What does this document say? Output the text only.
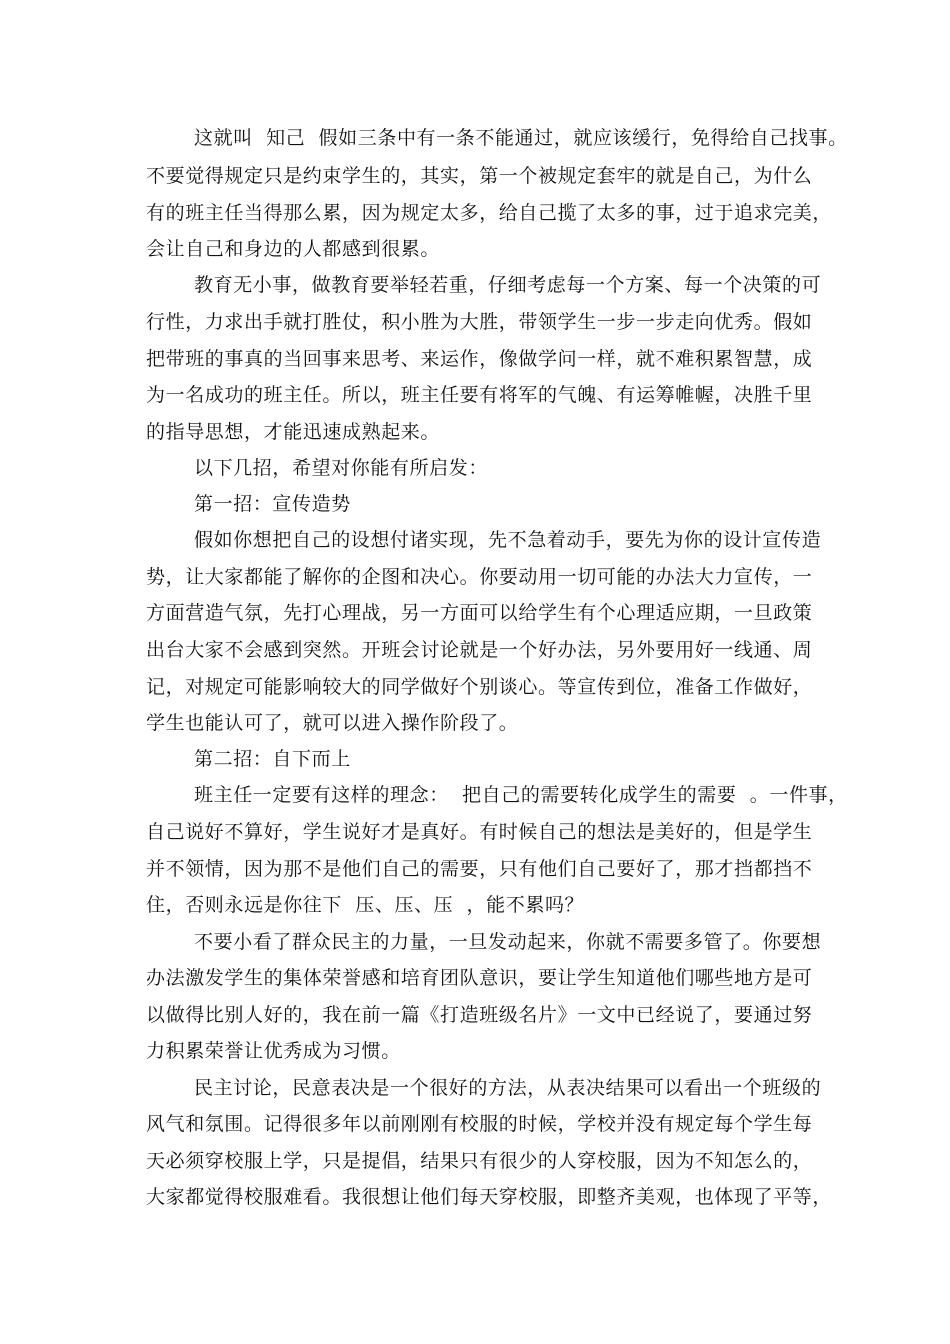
这就叫  知己  假如三条中有一条不能通过，就应该缓行，免得给自己找事。
不要觉得规定只是约束学生的，其实，第一个被规定套牢的就是自己，为什么
有的班主任当得那么累，因为规定太多，给自己揽了太多的事，过于追求完美，
会让自己和身边的人都感到很累。
教育无小事，做教育要举轻若重，仔细考虑每一个方案、每一个决策的可
行性，力求出手就打胜仗，积小胜为大胜，带领学生一步一步走向优秀。假如
把带班的事真的当回事来思考、来运作，像做学问一样，就不难积累智慧，成
为一名成功的班主任。所以，班主任要有将军的气魄、有运筹帷幄，决胜千里
的指导思想，才能迅速成熟起来。
以下几招，希望对你能有所启发：
第一招：宣传造势
假如你想把自己的设想付诸实现，先不急着动手，要先为你的设计宣传造
势，让大家都能了解你的企图和决心。你要动用一切可能的办法大力宣传，一
方面营造气氛，先打心理战，另一方面可以给学生有个心理适应期，一旦政策
出台大家不会感到突然。开班会讨论就是一个好办法，另外要用好一线通、周
记，对规定可能影响较大的同学做好个别谈心。等宣传到位，准备工作做好，
学生也能认可了，就可以进入操作阶段了。
第二招：自下而上
班主任一定要有这样的理念：  把自己的需要转化成学生的需要  。一件事，
自己说好不算好，学生说好才是真好。有时候自己的想法是美好的，但是学生
并不领情，因为那不是他们自己的需要，只有他们自己要好了，那才挡都挡不
住，否则永远是你往下  压、压、压  ，能不累吗？
不要小看了群众民主的力量，一旦发动起来，你就不需要多管了。你要想
办法激发学生的集体荣誉感和培育团队意识，要让学生知道他们哪些地方是可
以做得比别人好的，我在前一篇《打造班级名片》一文中已经说了，要通过努
力积累荣誉让优秀成为习惯。
民主讨论，民意表决是一个很好的方法，从表决结果可以看出一个班级的
风气和氛围。记得很多年以前刚刚有校服的时候，学校并没有规定每个学生每
天必须穿校服上学，只是提倡，结果只有很少的人穿校服，因为不知怎么的，
大家都觉得校服难看。我很想让他们每天穿校服，即整齐美观，也体现了平等，
